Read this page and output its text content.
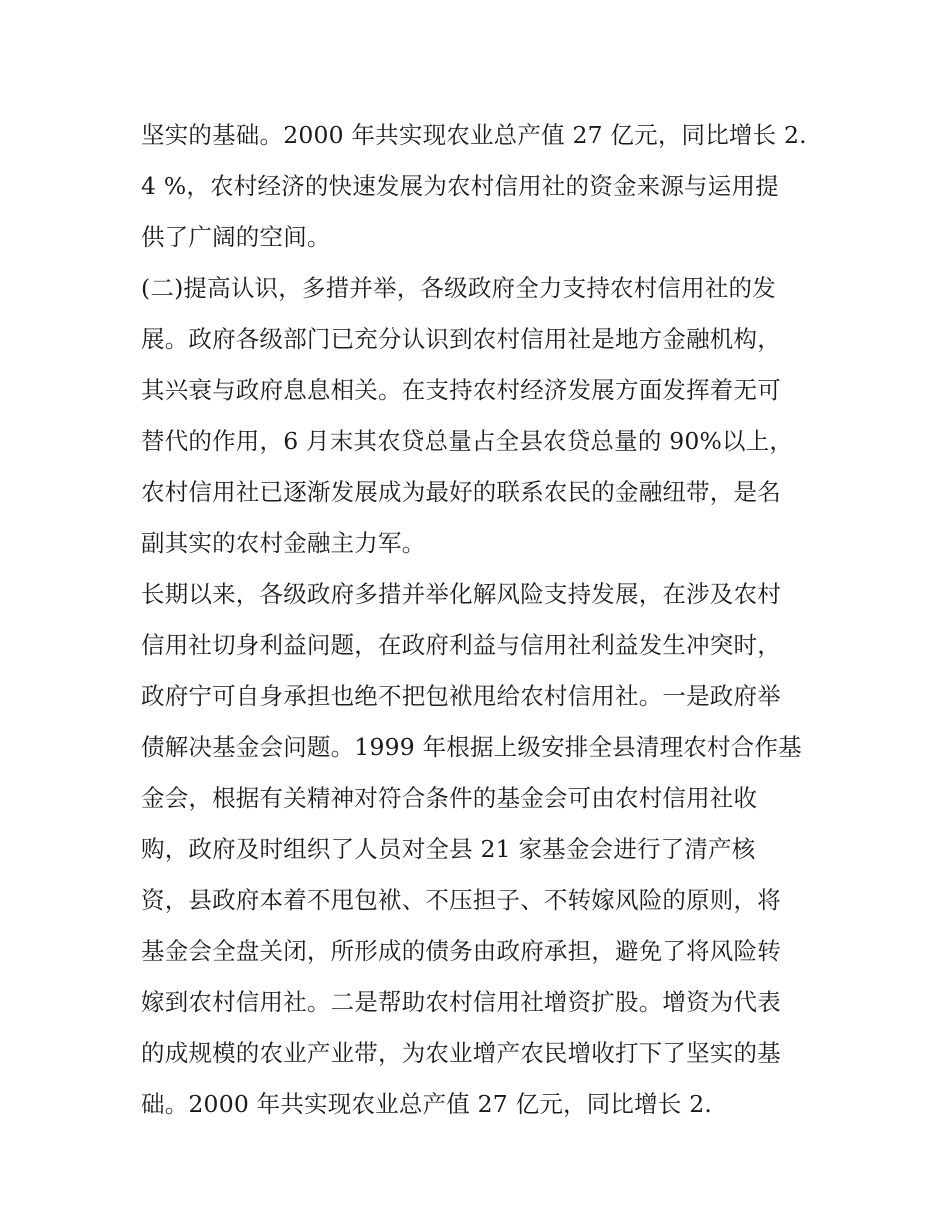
坚实的基础。2000 年共实现农业总产值 27 亿元，同比增长 2.
4 %，农村经济的快速发展为农村信用社的资金来源与运用提
供了广阔的空间。
(二)提高认识，多措并举，各级政府全力支持农村信用社的发
展。政府各级部门已充分认识到农村信用社是地方金融机构，
其兴衰与政府息息相关。在支持农村经济发展方面发挥着无可
替代的作用，6 月末其农贷总量占全县农贷总量的 90%以上，
农村信用社已逐渐发展成为最好的联系农民的金融纽带，是名
副其实的农村金融主力军。
长期以来，各级政府多措并举化解风险支持发展，在涉及农村
信用社切身利益问题，在政府利益与信用社利益发生冲突时，
政府宁可自身承担也绝不把包袱甩给农村信用社。一是政府举
债解决基金会问题。1999 年根据上级安排全县清理农村合作基
金会，根据有关精神对符合条件的基金会可由农村信用社收
购，政府及时组织了人员对全县 21 家基金会进行了清产核
资，县政府本着不甩包袱、不压担子、不转嫁风险的原则，将
基金会全盘关闭，所形成的债务由政府承担，避免了将风险转
嫁到农村信用社。二是帮助农村信用社增资扩股。增资为代表
的成规模的农业产业带，为农业增产农民增收打下了坚实的基
础。2000 年共实现农业总产值 27 亿元，同比增长 2.
